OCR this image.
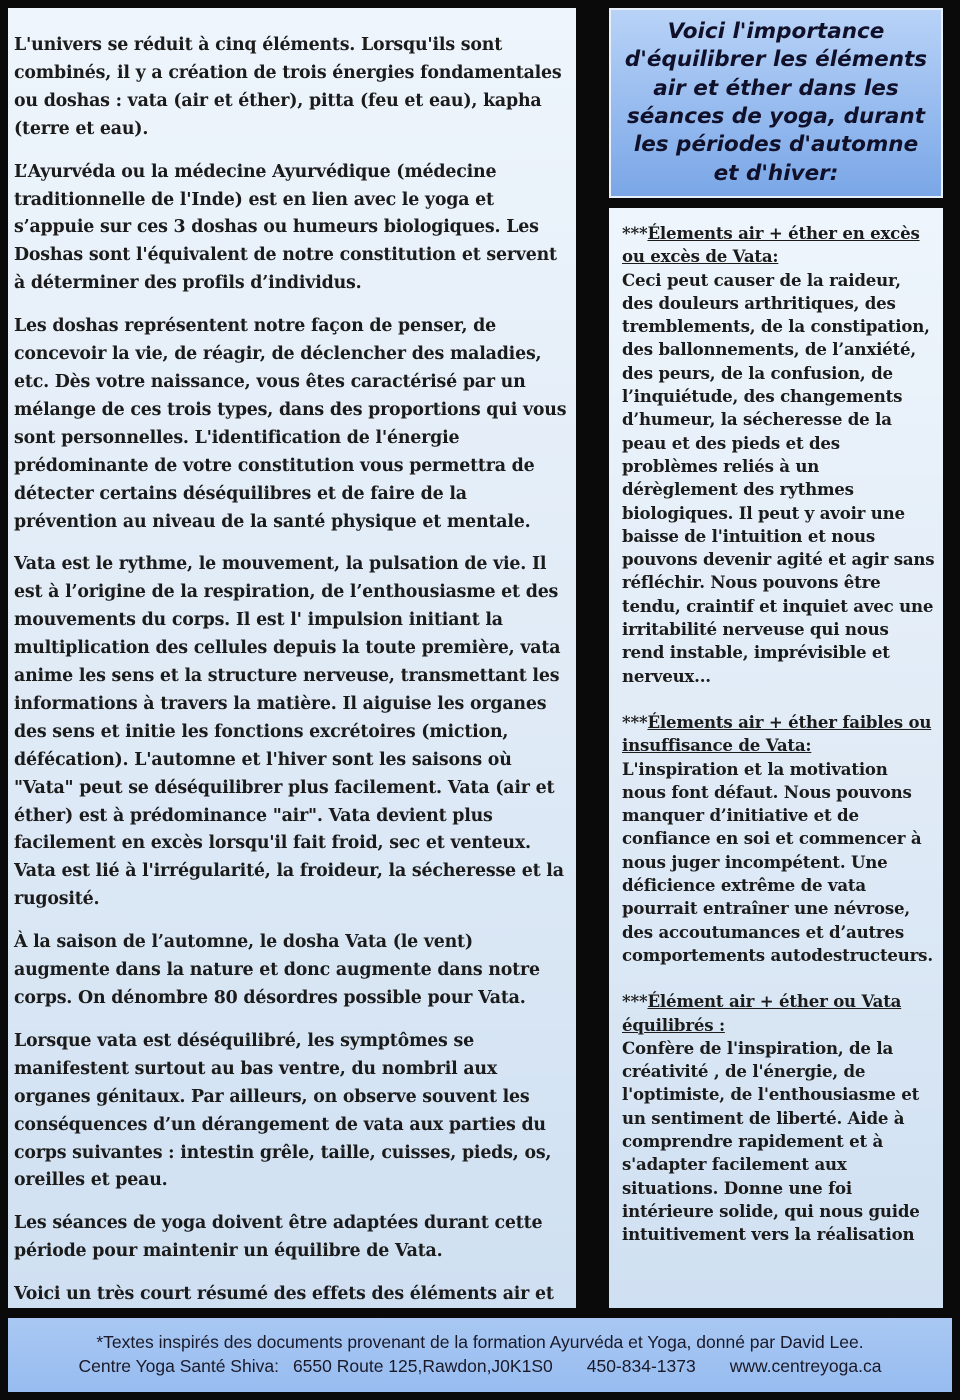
L'univers se réduit à cinq éléments. Lorsqu'ils sont combinés, il y a création de trois énergies fondamentales ou doshas : vata (air et éther), pitta (feu et eau), kapha (terre et eau).

L’Ayurvéda ou la médecine Ayurvédique (médecine traditionnelle de l'Inde) est en lien avec le yoga et s’appuie sur ces 3 doshas ou humeurs biologiques. Les Doshas sont l'équivalent de notre constitution et servent à déterminer des profils d’individus.

Les doshas représentent notre façon de penser, de concevoir la vie, de réagir, de déclencher des maladies, etc. Dès votre naissance, vous êtes caractérisé par un mélange de ces trois types, dans des proportions qui vous sont personnelles. L'identification de l'énergie prédominante de votre constitution vous permettra de détecter certains déséquilibres et de faire de la prévention au niveau de la santé physique et mentale.

Vata est le rythme, le mouvement, la pulsation de vie. Il est à l’origine de la respiration, de l’enthousiasme et des mouvements du corps. Il est l' impulsion initiant la multiplication des cellules depuis la toute première, vata anime les sens et la structure nerveuse, transmettant les informations à travers la matière. Il aiguise les organes des sens et initie les fonctions excrétoires (miction, défécation). L'automne et l'hiver sont les saisons où "Vata" peut se déséquilibrer plus facilement. Vata (air et éther) est à prédominance "air". Vata devient plus facilement en excès lorsqu'il fait froid, sec et venteux. Vata est lié à l'irrégularité, la froideur, la sécheresse et la rugosité.

À la saison de l’automne, le dosha Vata (le vent) augmente dans la nature et donc augmente dans notre corps. On dénombre 80 désordres possible pour Vata.

Lorsque vata est déséquilibré, les symptômes se manifestent surtout au bas ventre, du nombril aux organes génitaux. Par ailleurs, on observe souvent les conséquences d’un dérangement de vata aux parties du corps suivantes : intestin grêle, taille, cuisses, pieds, os, oreilles et peau.

Les séances de yoga doivent être adaptées durant cette période pour maintenir un équilibre de Vata.

Voici un très court résumé des effets des éléments air et

Voici l'importance d'équilibrer les éléments air et éther dans les séances de yoga, durant les périodes d'automne et d'hiver:
***Élements air + éther en excès ou excès de Vata:
Ceci peut causer de la raideur, des douleurs arthritiques, des tremblements, de la constipation, des ballonnements, de l’anxiété, des peurs, de la confusion, de l’inquiétude, des changements d’humeur, la sécheresse de la peau et des pieds et des problèmes reliés à un dérèglement des rythmes biologiques. Il peut y avoir une baisse de l'intuition et nous pouvons devenir agité et agir sans réfléchir. Nous pouvons être tendu, craintif et inquiet avec une irritabilité nerveuse qui nous rend instable, imprévisible et nerveux...
***Élements air + éther faibles ou insuffisance de Vata:
L'inspiration et la motivation nous font défaut. Nous pouvons manquer d’initiative et de confiance en soi et commencer à nous juger incompétent. Une déficience extrême de vata pourrait entraîner une névrose, des accoutumances et d’autres comportements autodestructeurs.
***Élément air + éther ou Vata équilibrés :
Confère de l'inspiration, de la créativité , de l'énergie, de l'optimiste, de l'enthousiasme et un sentiment de liberté. Aide à comprendre rapidement et à s'adapter facilement aux situations. Donne une foi intérieure solide, qui nous guide intuitivement vers la réalisation
*Textes inspirés des documents provenant de la formation Ayurvéda et Yoga, donné par David Lee.
Centre Yoga Santé Shiva: 6550 Route 125,Rawdon,J0K1S0 450-834-1373 www.centreyoga.ca
